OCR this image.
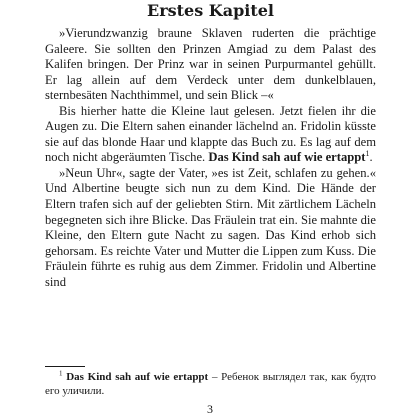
Erstes Kapitel

»Vierundzwanzig braune Sklaven ruderten die prächtige Galeere. Sie sollten den Prinzen Amgiad zu dem Palast des Kalifen bringen. Der Prinz war in seinen Purpurmantel gehüllt. Er lag allein auf dem Verdeck unter dem dunkelblauen, sternbesäten Nachthimmel, und sein Blick –«

Bis hierher hatte die Kleine laut gelesen. Jetzt fielen ihr die Augen zu. Die Eltern sahen einander lächelnd an. Fridolin küsste sie auf das blonde Haar und klappte das Buch zu. Es lag auf dem noch nicht abgeräumten Tische. Das Kind sah auf wie ertappt$^1$.

»Neun Uhr«, sagte der Vater, »es ist Zeit, schlafen zu gehen.« Und Albertine beugte sich nun zu dem Kind. Die Hände der Eltern trafen sich auf der geliebten Stirn. Mit zärtlichem Lächeln begegneten sich ihre Blicke. Das Fräulein trat ein. Sie mahnte die Kleine, den Eltern gute Nacht zu sagen. Das Kind erhob sich gehorsam. Es reichte Vater und Mutter die Lippen zum Kuss. Die Fräulein führte es ruhig aus dem Zimmer. Fridolin und Albertine sind

$^1$ Das Kind sah auf wie ertappt – Ребенок выглядел так, как будто его уличили.

3
